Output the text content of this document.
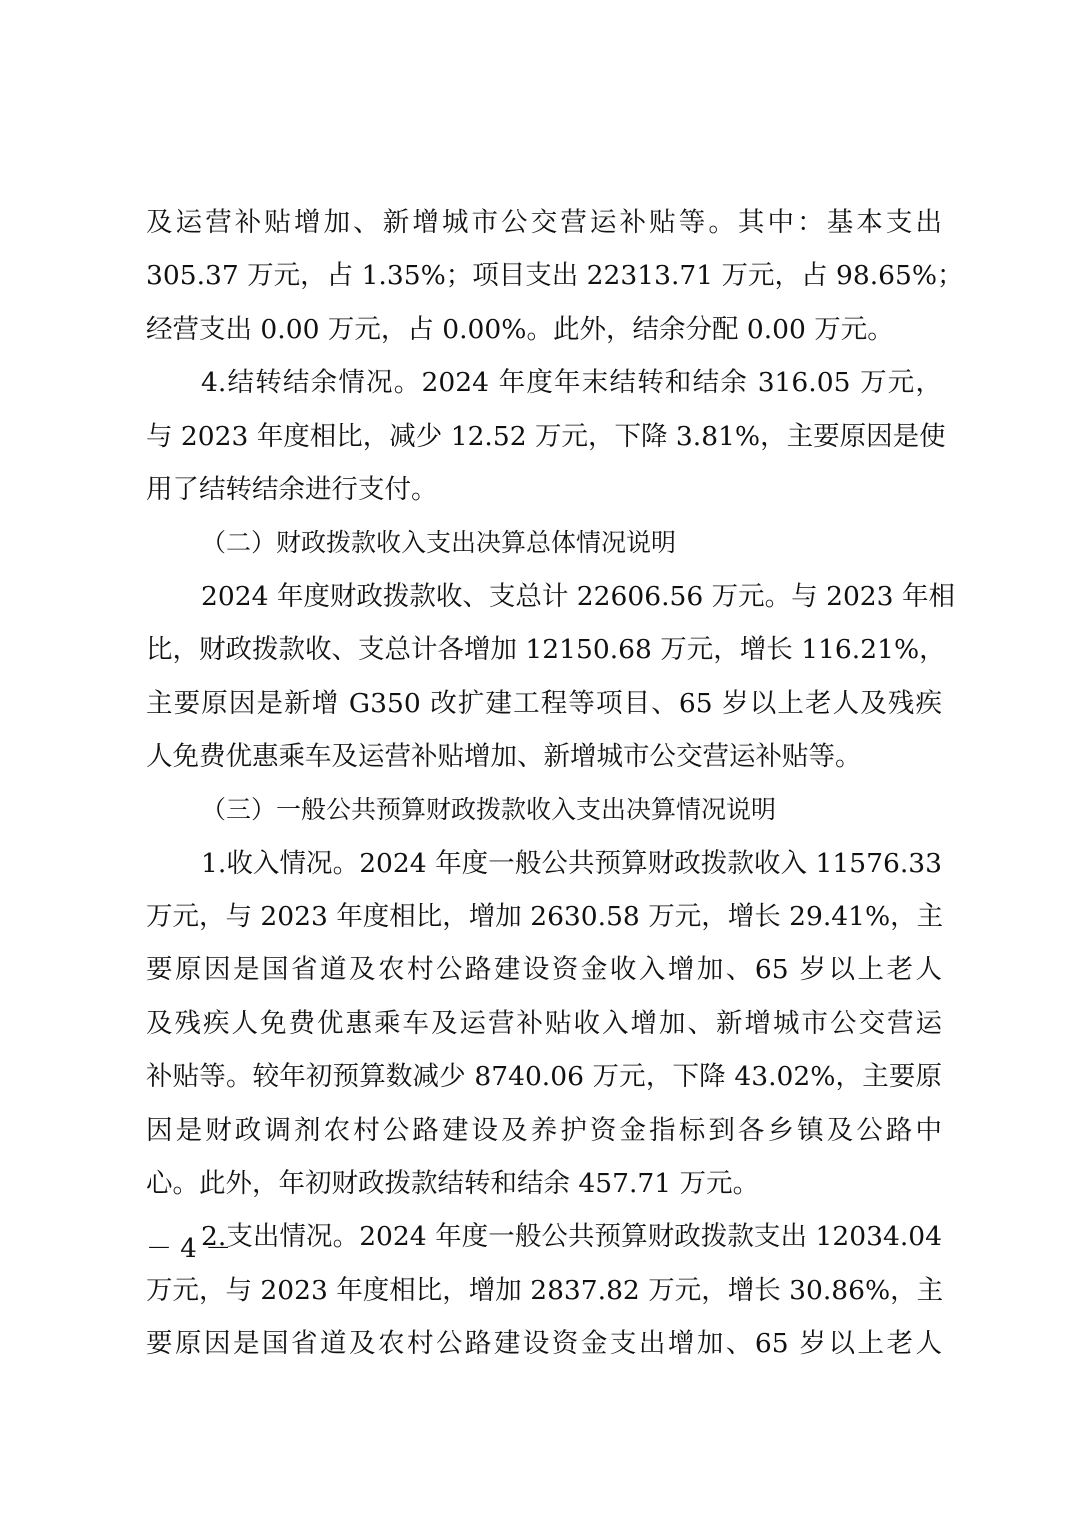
及运营补贴增加、新增城市公交营运补贴等。其中：基本支出
305.37 万元，占 1.35%；项目支出 22313.71 万元，占 98.65%；
经营支出 0.00 万元，占 0.00%。此外，结余分配 0.00 万元。
4.结转结余情况。2024 年度年末结转和结余 316.05 万元，
与 2023 年度相比，减少 12.52 万元，下降 3.81%，主要原因是使
用了结转结余进行支付。
（二）财政拨款收入支出决算总体情况说明
2024 年度财政拨款收、支总计 22606.56 万元。与 2023 年相
比，财政拨款收、支总计各增加 12150.68 万元，增长 116.21%，
主要原因是新增 G350 改扩建工程等项目、65 岁以上老人及残疾
人免费优惠乘车及运营补贴增加、新增城市公交营运补贴等。
（三）一般公共预算财政拨款收入支出决算情况说明
1.收入情况。2024 年度一般公共预算财政拨款收入 11576.33
万元，与 2023 年度相比，增加 2630.58 万元，增长 29.41%，主
要原因是国省道及农村公路建设资金收入增加、65 岁以上老人
及残疾人免费优惠乘车及运营补贴收入增加、新增城市公交营运
补贴等。较年初预算数减少 8740.06 万元，下降 43.02%，主要原
因是财政调剂农村公路建设及养护资金指标到各乡镇及公路中
心。此外，年初财政拨款结转和结余 457.71 万元。
2.支出情况。2024 年度一般公共预算财政拨款支出 12034.04
万元，与 2023 年度相比，增加 2837.82 万元，增长 30.86%，主
要原因是国省道及农村公路建设资金支出增加、65 岁以上老人
－ 4 －
